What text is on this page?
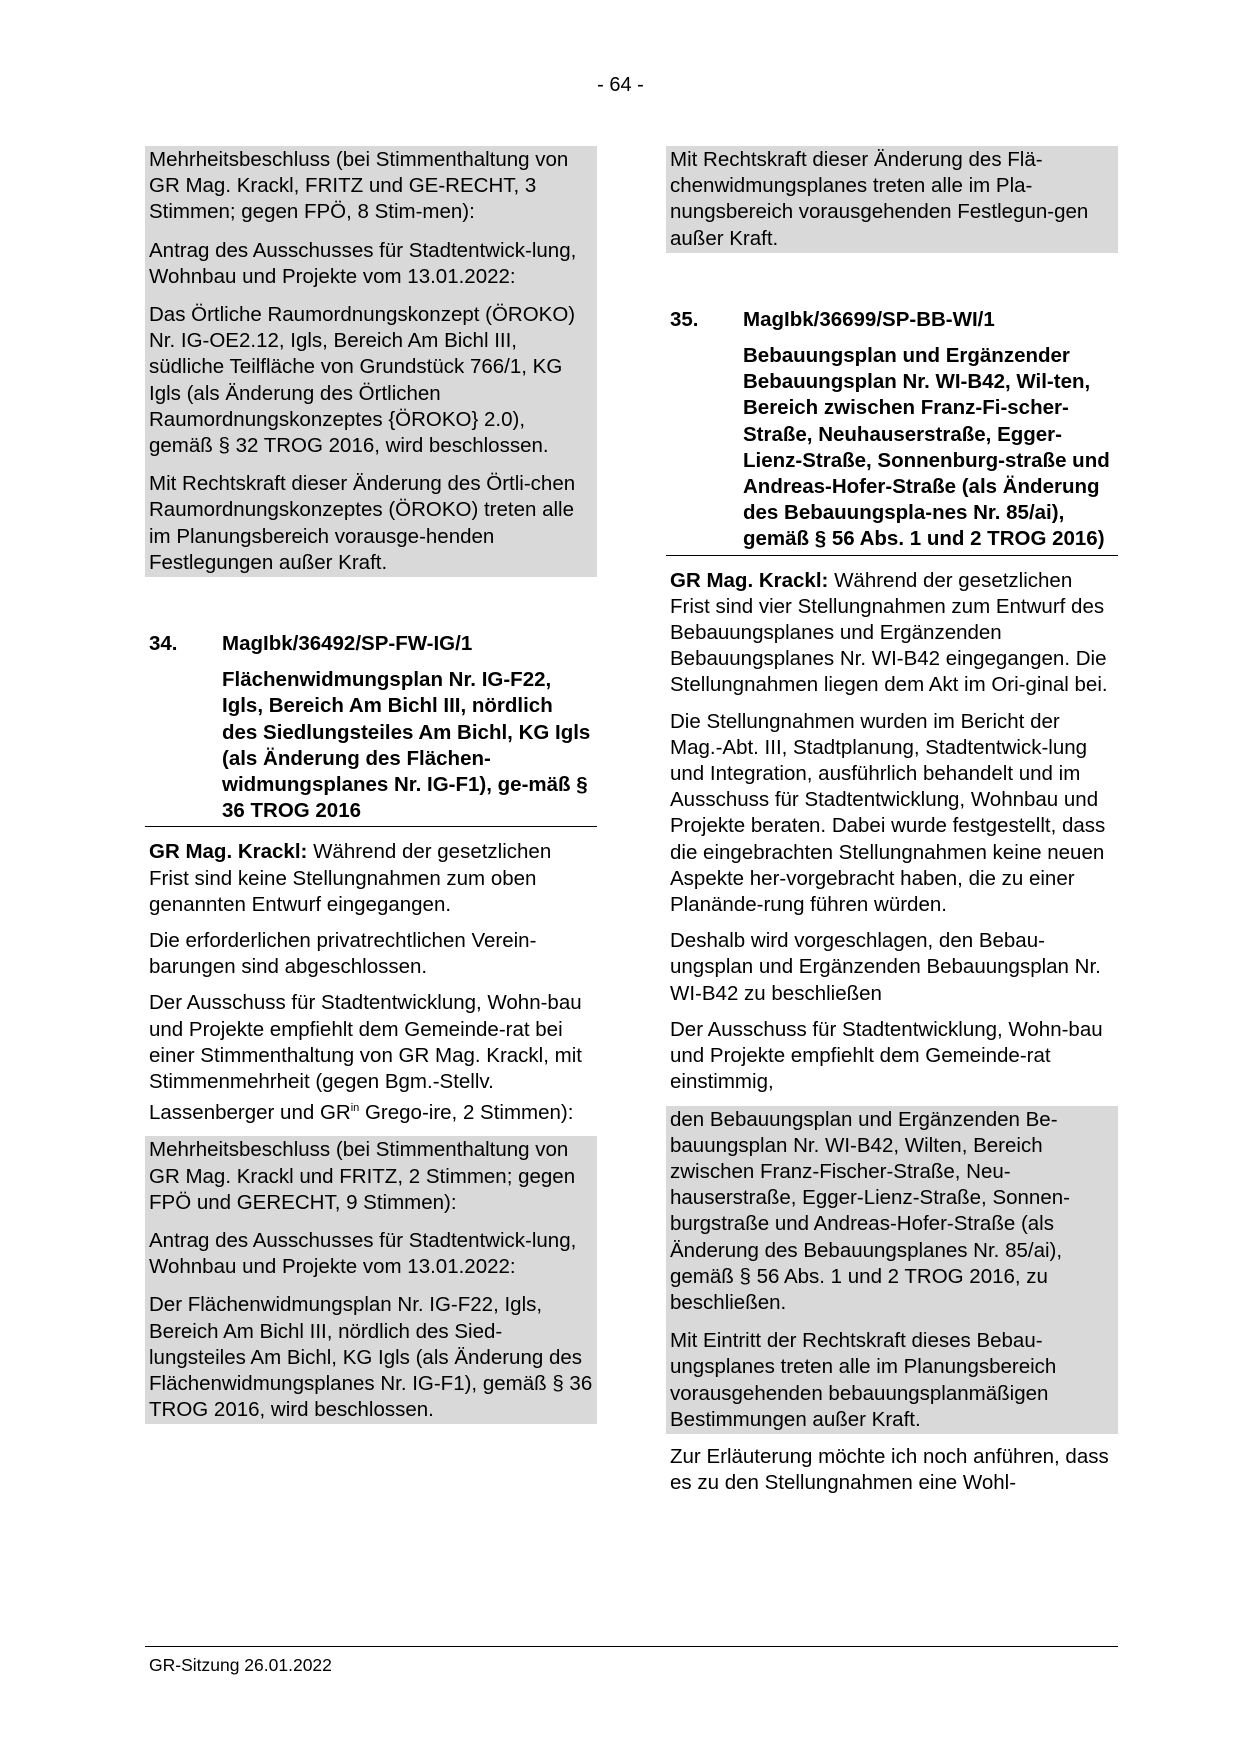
- 64 -

Mehrheitsbeschluss (bei Stimmenthaltung von GR Mag. Krackl, FRITZ und GE-RECHT, 3 Stimmen; gegen FPÖ, 8 Stim-men):

Antrag des Ausschusses für Stadtentwick-lung, Wohnbau und Projekte vom 13.01.2022:

Das Örtliche Raumordnungskonzept (ÖROKO) Nr. IG-OE2.12, Igls, Bereich Am Bichl III, südliche Teilfläche von Grundstück 766/1, KG Igls (als Änderung des Örtlichen Raumordnungskonzeptes {ÖROKO} 2.0), gemäß § 32 TROG 2016, wird beschlossen.

Mit Rechtskraft dieser Änderung des Örtli-chen Raumordnungskonzeptes (ÖROKO) treten alle im Planungsbereich vorausge-henden Festlegungen außer Kraft.

34.	MagIbk/36492/SP-FW-IG/1
Flächenwidmungsplan Nr. IG-F22, Igls, Bereich Am Bichl III, nördlich des Siedlungsteiles Am Bichl, KG Igls (als Änderung des Flächen-widmungsplanes Nr. IG-F1), ge-mäß § 36 TROG 2016

GR Mag. Krackl: Während der gesetzlichen Frist sind keine Stellungnahmen zum oben genannten Entwurf eingegangen.

Die erforderlichen privatrechtlichen Verein-barungen sind abgeschlossen.

Der Ausschuss für Stadtentwicklung, Wohn-bau und Projekte empfiehlt dem Gemeinde-rat bei einer Stimmenthaltung von GR Mag. Krackl, mit Stimmenmehrheit (gegen Bgm.-Stellv. Lassenberger und $GR^{in}$ Grego-ire, 2 Stimmen):

Mehrheitsbeschluss (bei Stimmenthaltung von GR Mag. Krackl und FRITZ, 2 Stimmen; gegen FPÖ und GERECHT, 9 Stimmen):

Antrag des Ausschusses für Stadtentwick-lung, Wohnbau und Projekte vom 13.01.2022:

Der Flächenwidmungsplan Nr. IG-F22, Igls, Bereich Am Bichl III, nördlich des Sied-lungsteiles Am Bichl, KG Igls (als Änderung des Flächenwidmungsplanes Nr. IG-F1), gemäß § 36 TROG 2016, wird beschlossen.

Mit Rechtskraft dieser Änderung des Flä-chenwidmungsplanes treten alle im Pla-nungsbereich vorausgehenden Festlegun-gen außer Kraft.

35.	MagIbk/36699/SP-BB-WI/1
Bebauungsplan und Ergänzender Bebauungsplan Nr. WI-B42, Wil-ten, Bereich zwischen Franz-Fi-scher-Straße, Neuhauserstraße, Egger-Lienz-Straße, Sonnenburg-straße und Andreas-Hofer-Straße (als Änderung des Bebauungspla-nes Nr. 85/ai), gemäß § 56 Abs. 1 und 2 TROG 2016)

GR Mag. Krackl: Während der gesetzlichen Frist sind vier Stellungnahmen zum Entwurf des Bebauungsplanes und Ergänzenden Bebauungsplanes Nr. WI-B42 eingegangen. Die Stellungnahmen liegen dem Akt im Ori-ginal bei.

Die Stellungnahmen wurden im Bericht der Mag.-Abt. III, Stadtplanung, Stadtentwick-lung und Integration, ausführlich behandelt und im Ausschuss für Stadtentwicklung, Wohnbau und Projekte beraten. Dabei wurde festgestellt, dass die eingebrachten Stellungnahmen keine neuen Aspekte her-vorgebracht haben, die zu einer Planände-rung führen würden.

Deshalb wird vorgeschlagen, den Bebau-ungsplan und Ergänzenden Bebauungsplan Nr. WI-B42 zu beschließen

Der Ausschuss für Stadtentwicklung, Wohn-bau und Projekte empfiehlt dem Gemeinde-rat einstimmig,

den Bebauungsplan und Ergänzenden Be-bauungsplan Nr. WI-B42, Wilten, Bereich zwischen Franz-Fischer-Straße, Neu-hauserstraße, Egger-Lienz-Straße, Sonnen-burgstraße und Andreas-Hofer-Straße (als Änderung des Bebauungsplanes Nr. 85/ai), gemäß § 56 Abs. 1 und 2 TROG 2016, zu beschließen.

Mit Eintritt der Rechtskraft dieses Bebau-ungsplanes treten alle im Planungsbereich vorausgehenden bebauungsplanmäßigen Bestimmungen außer Kraft.

Zur Erläuterung möchte ich noch anführen, dass es zu den Stellungnahmen eine Wohl-

GR-Sitzung 26.01.2022
